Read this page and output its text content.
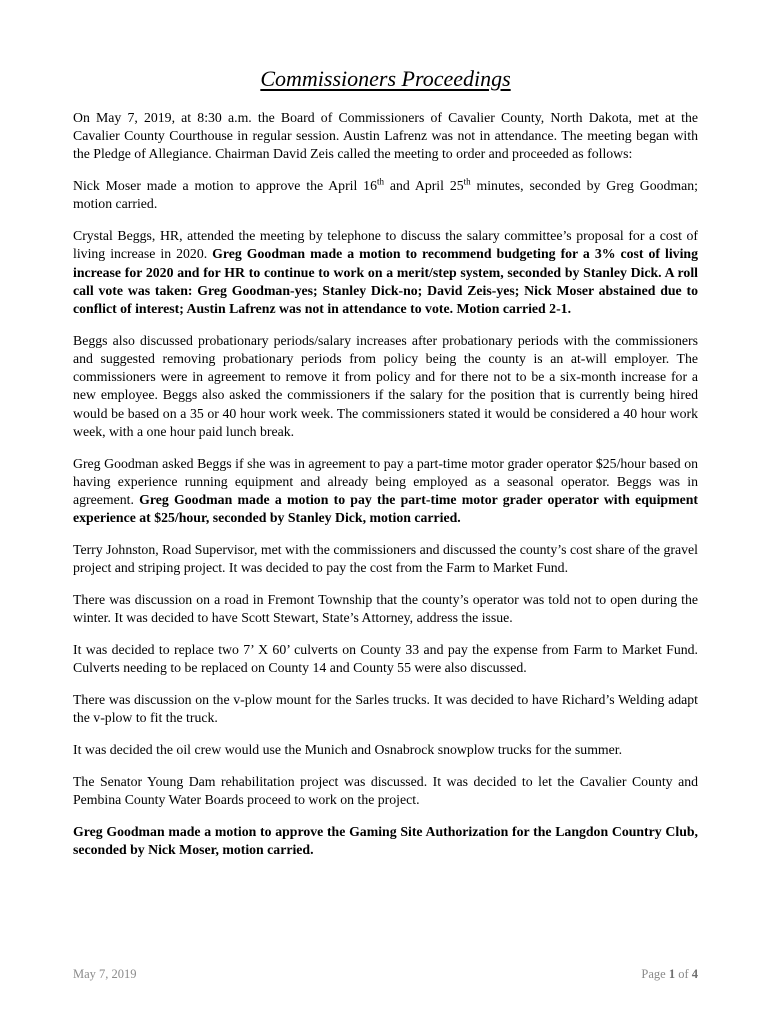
Commissioners Proceedings

On May 7, 2019, at 8:30 a.m. the Board of Commissioners of Cavalier County, North Dakota, met at the Cavalier County Courthouse in regular session. Austin Lafrenz was not in attendance. The meeting began with the Pledge of Allegiance. Chairman David Zeis called the meeting to order and proceeded as follows:

Nick Moser made a motion to approve the April 16th and April 25th minutes, seconded by Greg Goodman; motion carried.

Crystal Beggs, HR, attended the meeting by telephone to discuss the salary committee’s proposal for a cost of living increase in 2020. Greg Goodman made a motion to recommend budgeting for a 3% cost of living increase for 2020 and for HR to continue to work on a merit/step system, seconded by Stanley Dick. A roll call vote was taken: Greg Goodman-yes; Stanley Dick-no; David Zeis-yes; Nick Moser abstained due to conflict of interest; Austin Lafrenz was not in attendance to vote. Motion carried 2-1.

Beggs also discussed probationary periods/salary increases after probationary periods with the commissioners and suggested removing probationary periods from policy being the county is an at-will employer. The commissioners were in agreement to remove it from policy and for there not to be a six-month increase for a new employee. Beggs also asked the commissioners if the salary for the position that is currently being hired would be based on a 35 or 40 hour work week. The commissioners stated it would be considered a 40 hour work week, with a one hour paid lunch break.

Greg Goodman asked Beggs if she was in agreement to pay a part-time motor grader operator $25/hour based on having experience running equipment and already being employed as a seasonal operator. Beggs was in agreement. Greg Goodman made a motion to pay the part-time motor grader operator with equipment experience at $25/hour, seconded by Stanley Dick, motion carried.

Terry Johnston, Road Supervisor, met with the commissioners and discussed the county’s cost share of the gravel project and striping project. It was decided to pay the cost from the Farm to Market Fund.

There was discussion on a road in Fremont Township that the county’s operator was told not to open during the winter. It was decided to have Scott Stewart, State’s Attorney, address the issue.

It was decided to replace two 7’ X 60’ culverts on County 33 and pay the expense from Farm to Market Fund. Culverts needing to be replaced on County 14 and County 55 were also discussed.

There was discussion on the v-plow mount for the Sarles trucks. It was decided to have Richard’s Welding adapt the v-plow to fit the truck.

It was decided the oil crew would use the Munich and Osnabrock snowplow trucks for the summer.

The Senator Young Dam rehabilitation project was discussed. It was decided to let the Cavalier County and Pembina County Water Boards proceed to work on the project.

Greg Goodman made a motion to approve the Gaming Site Authorization for the Langdon Country Club, seconded by Nick Moser, motion carried.

May 7, 2019	Page 1 of 4
